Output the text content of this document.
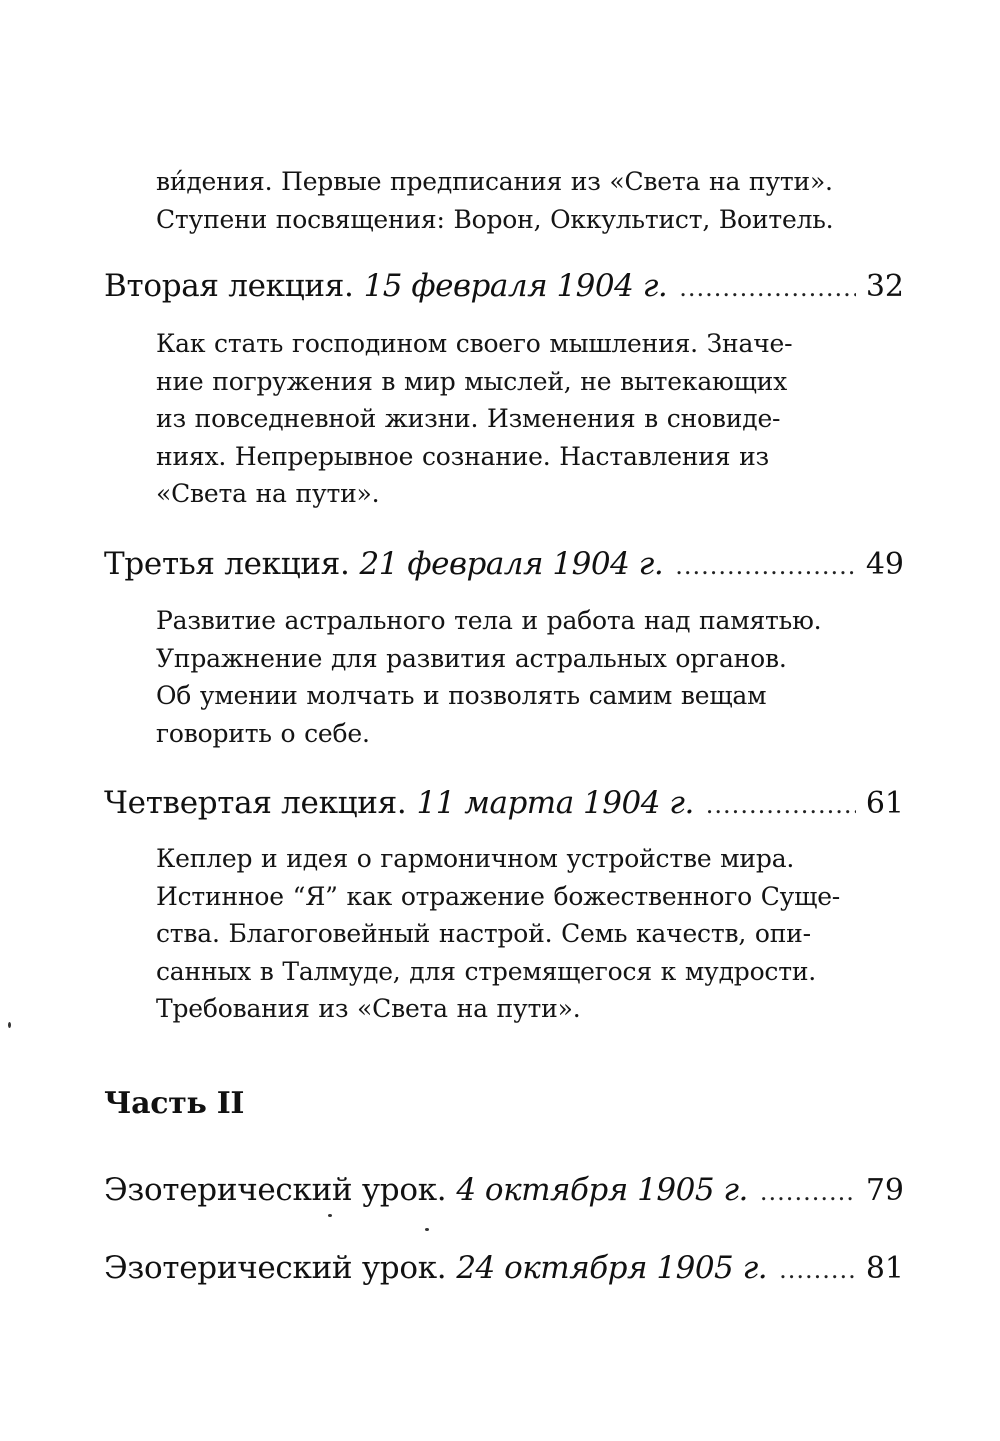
ви́дения. Первые предписания из «Света на пути».
Ступени посвящения: Ворон, Оккультист, Воитель.

Вторая лекция. 15 февраля 1904 г. .....	32

Как стать господином своего мышления. Значе-
ние погружения в мир мыслей, не вытекающих
из повседневной жизни. Изменения в сновиде-
ниях. Непрерывное сознание. Наставления из
«Света на пути».

Третья лекция. 21 февраля 1904 г. .....	49

Развитие астрального тела и работа над памятью.
Упражнение для развития астральных органов.
Об умении молчать и позволять самим вещам
говорить о себе.

Четвертая лекция. 11 марта 1904 г. .....	61

Кеплер и идея о гармоничном устройстве мира.
Истинное “Я” как отражение божественного Суще-
ства. Благоговейный настрой. Семь качеств, опи-
санных в Талмуде, для стремящегося к мудрости.
Требования из «Света на пути».

Часть II
Эзотерический урок. 4 октября 1905 г. .....	79
Эзотерический урок. 24 октября 1905 г. .....	81
